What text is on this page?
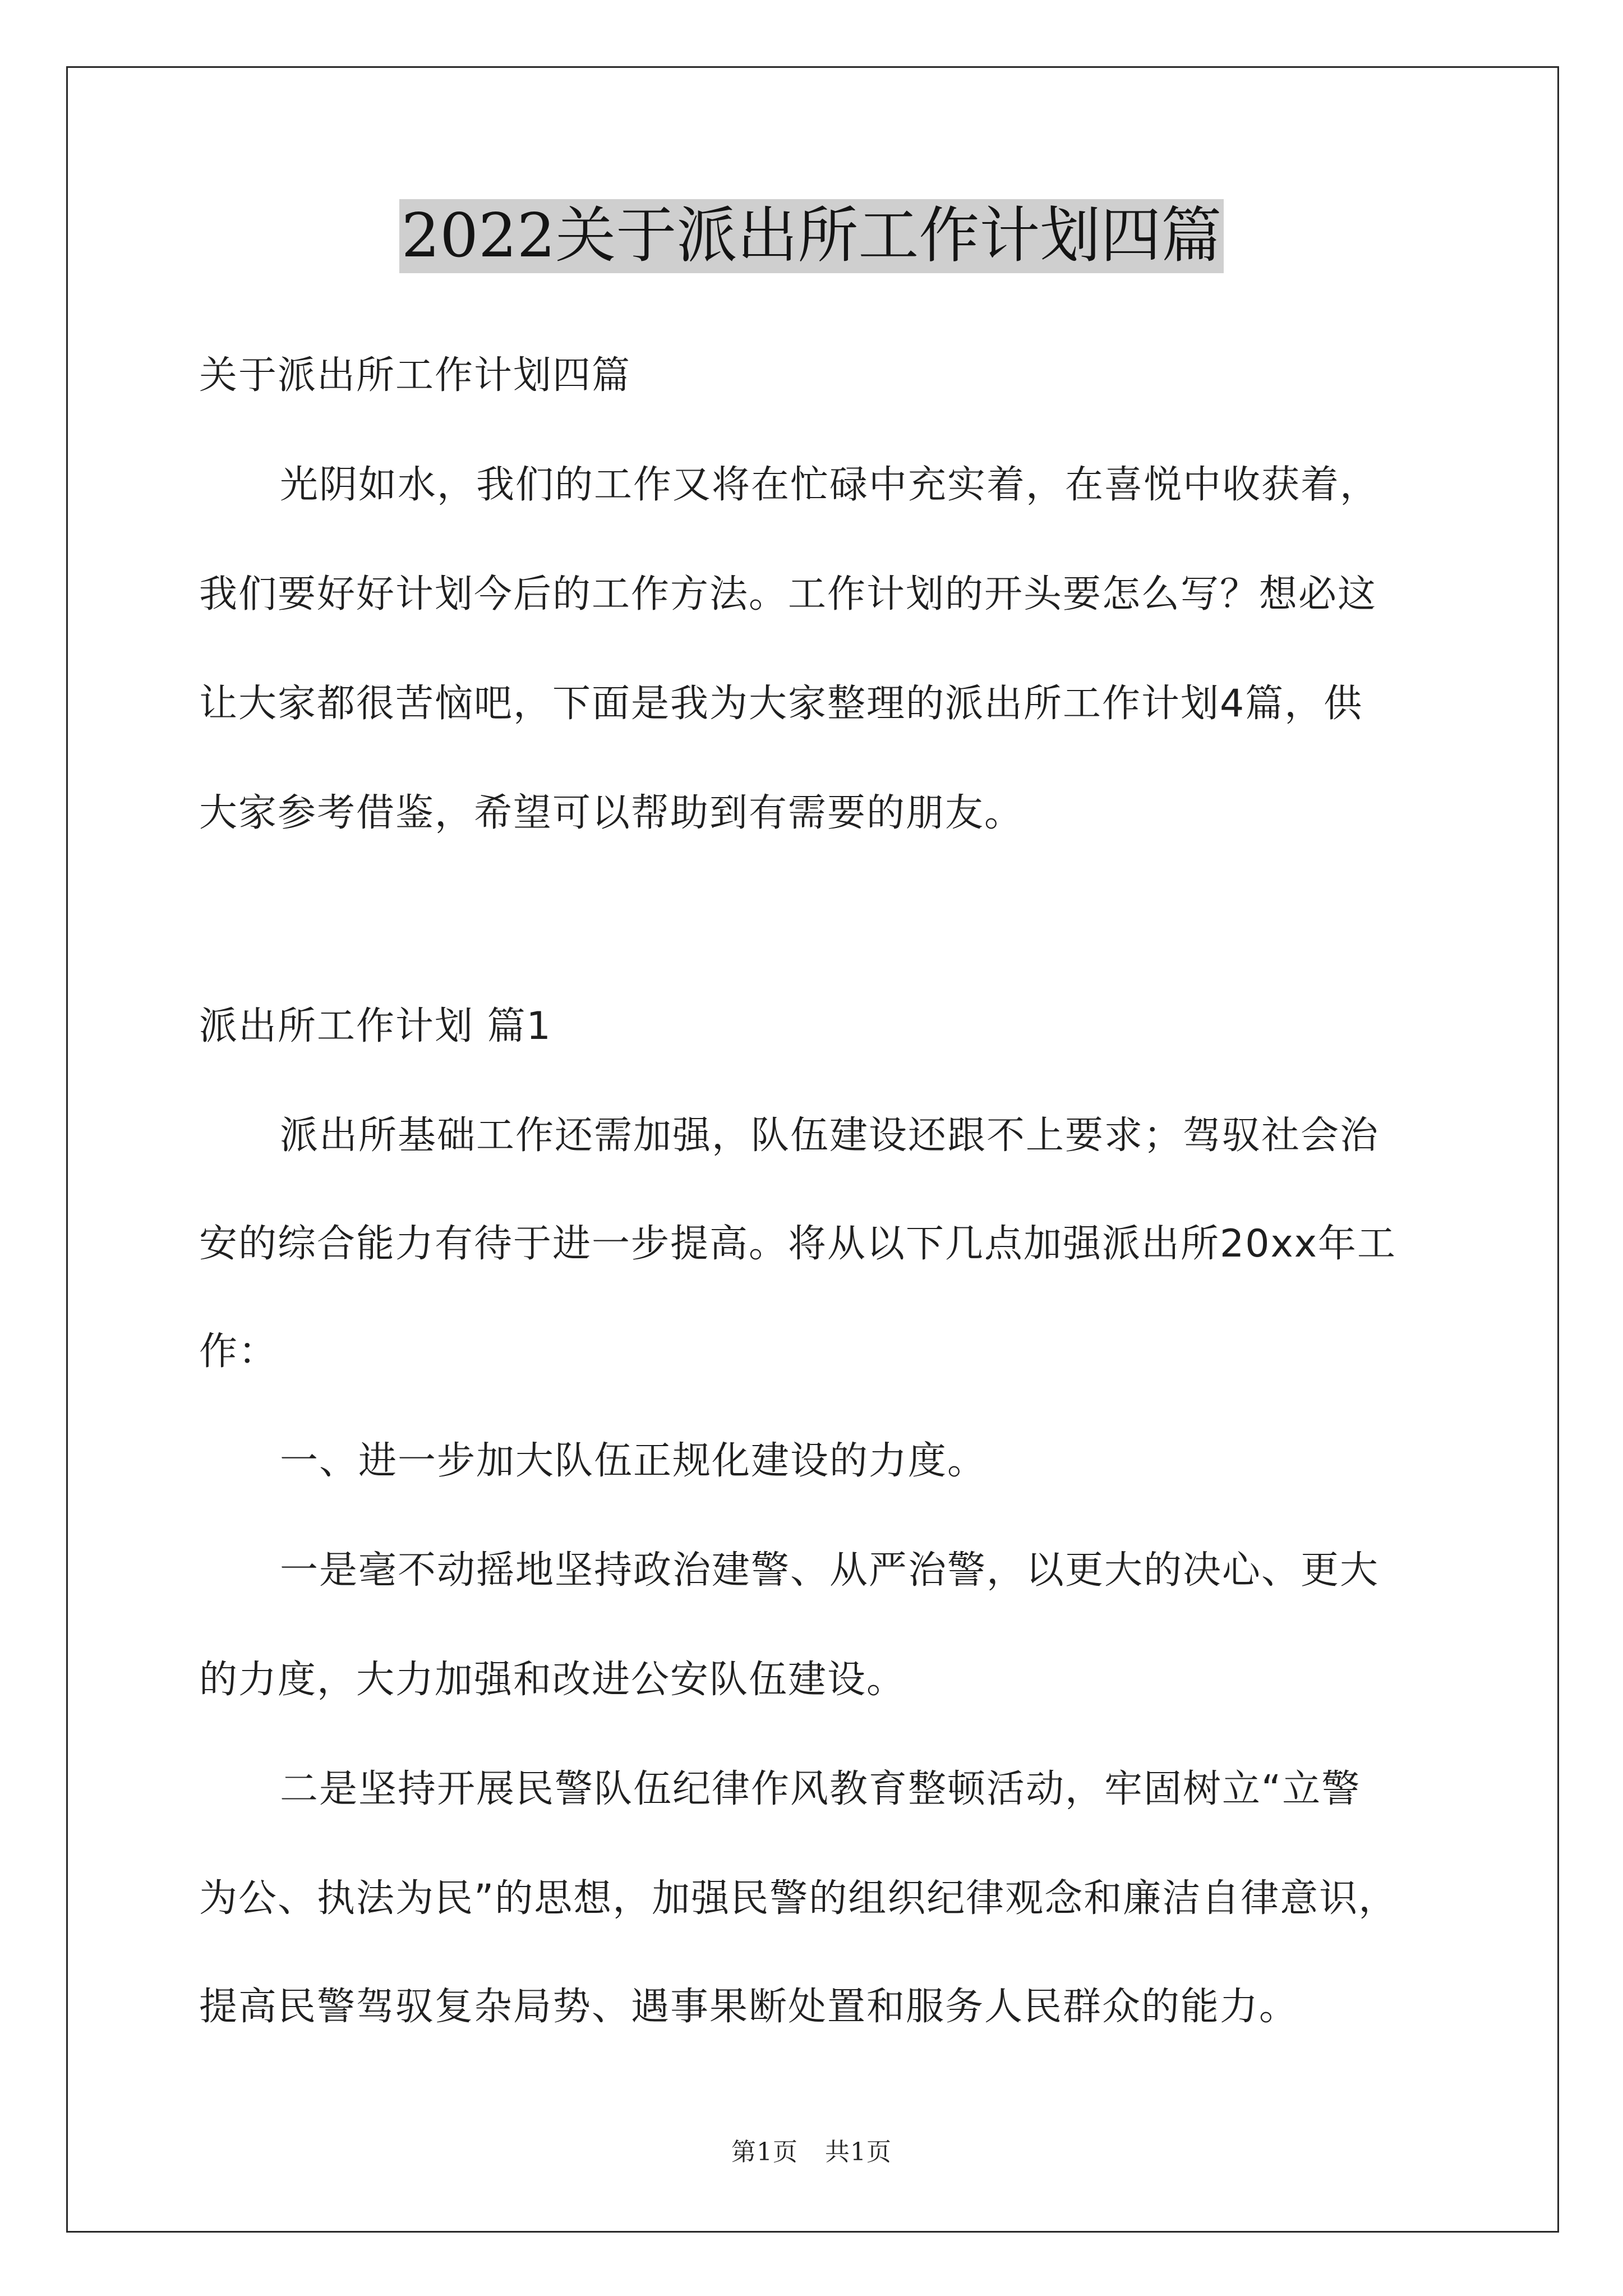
2022关于派出所工作计划四篇
关于派出所工作计划四篇
光阴如水，我们的工作又将在忙碌中充实着，在喜悦中收获着，
我们要好好计划今后的工作方法。工作计划的开头要怎么写？想必这
让大家都很苦恼吧，下面是我为大家整理的派出所工作计划4篇，供
大家参考借鉴，希望可以帮助到有需要的朋友。
派出所工作计划 篇1
派出所基础工作还需加强，队伍建设还跟不上要求；驾驭社会治
安的综合能力有待于进一步提高。将从以下几点加强派出所20xx年工
作：
一、进一步加大队伍正规化建设的力度。
一是毫不动摇地坚持政治建警、从严治警，以更大的决心、更大
的力度，大力加强和改进公安队伍建设。
二是坚持开展民警队伍纪律作风教育整顿活动，牢固树立“立警
为公、执法为民”的思想，加强民警的组织纪律观念和廉洁自律意识，
提高民警驾驭复杂局势、遇事果断处置和服务人民群众的能力。
第1页 共1页
